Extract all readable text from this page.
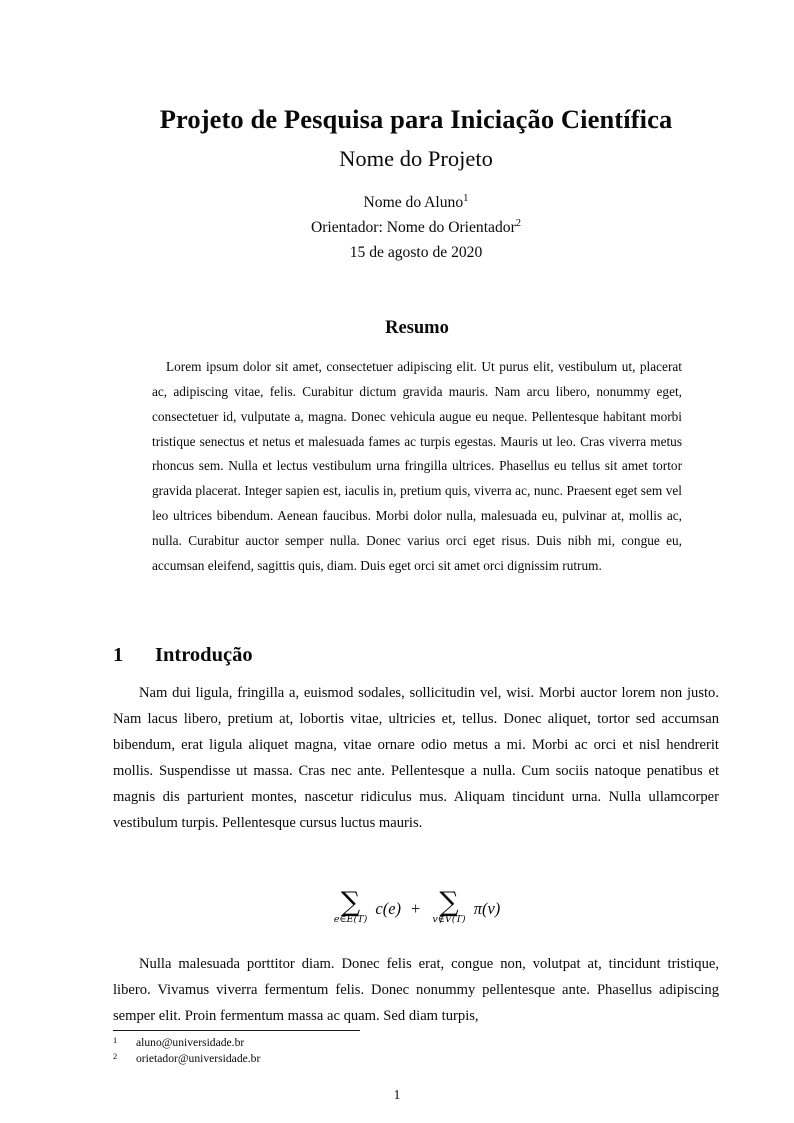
Projeto de Pesquisa para Iniciação Científica
Nome do Projeto
Nome do Aluno$^1$
Orientador: Nome do Orientador$^2$
15 de agosto de 2020
Resumo

Lorem ipsum dolor sit amet, consectetuer adipiscing elit. Ut purus elit, vestibulum ut, placerat ac, adipiscing vitae, felis. Curabitur dictum gravida mauris. Nam arcu libero, nonummy eget, consectetuer id, vulputate a, magna. Donec vehicula augue eu neque. Pellentesque habitant morbi tristique senectus et netus et malesuada fames ac turpis egestas. Mauris ut leo. Cras viverra metus rhoncus sem. Nulla et lectus vestibulum urna fringilla ultrices. Phasellus eu tellus sit amet tortor gravida placerat. Integer sapien est, iaculis in, pretium quis, viverra ac, nunc. Praesent eget sem vel leo ultrices bibendum. Aenean faucibus. Morbi dolor nulla, malesuada eu, pulvinar at, mollis ac, nulla. Curabitur auctor semper nulla. Donec varius orci eget risus. Duis nibh mi, congue eu, accumsan eleifend, sagittis quis, diam. Duis eget orci sit amet orci dignissim rutrum.

1	Introdução

Nam dui ligula, fringilla a, euismod sodales, sollicitudin vel, wisi. Morbi auctor lorem non justo. Nam lacus libero, pretium at, lobortis vitae, ultricies et, tellus. Donec aliquet, tortor sed accumsan bibendum, erat ligula aliquet magna, vitae ornare odio metus a mi. Morbi ac orci et nisl hendrerit mollis. Suspendisse ut massa. Cras nec ante. Pellentesque a nulla. Cum sociis natoque penatibus et magnis dis parturient montes, nascetur ridiculus mus. Aliquam tincidunt urna. Nulla ullamcorper vestibulum turpis. Pellentesque cursus luctus mauris.

∑
e∈E(T)
c(e) + ∑
v∉V(T)
π(v)

Nulla malesuada porttitor diam. Donec felis erat, congue non, volutpat at, tincidunt tristique, libero. Vivamus viverra fermentum felis. Donec nonummy pellentesque ante. Phasellus adipiscing semper elit. Proin fermentum massa ac quam. Sed diam turpis,

1	aluno@universidade.br
2	orietador@universidade.br
1
